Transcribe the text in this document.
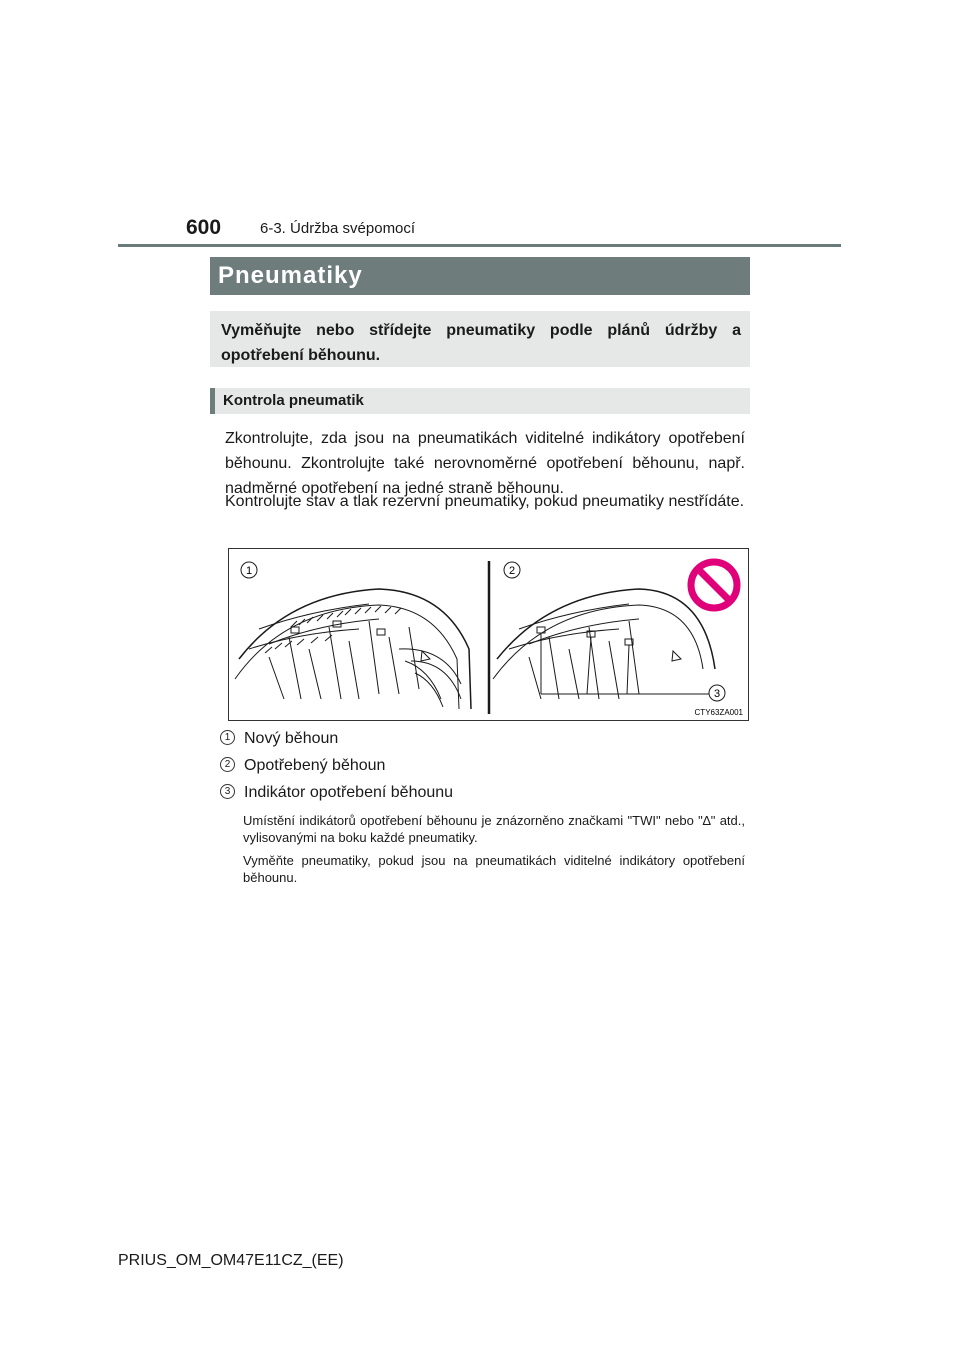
600	6-3. Údržba svépomocí
Pneumatiky
Vyměňujte nebo střídejte pneumatiky podle plánů údržby a opotřebení běhounu.
Kontrola pneumatik
Zkontrolujte, zda jsou na pneumatikách viditelné indikátory opotřebení běhounu. Zkontrolujte také nerovnoměrné opotřebení běhounu, např. nadměrné opotřebení na jedné straně běhounu.
Kontrolujte stav a tlak rezervní pneumatiky, pokud pneumatiky nestřídáte.
1	2
3
CTY63ZA001
1 Nový běhoun
2 Opotřebený běhoun
3 Indikátor opotřebení běhounu
Umístění indikátorů opotřebení běhounu je znázorněno značkami "TWI" nebo "∆" atd., vylisovanými na boku každé pneumatiky.
Vyměňte pneumatiky, pokud jsou na pneumatikách viditelné indikátory opotřebení běhounu.
PRIUS_OM_OM47E11CZ_(EE)
